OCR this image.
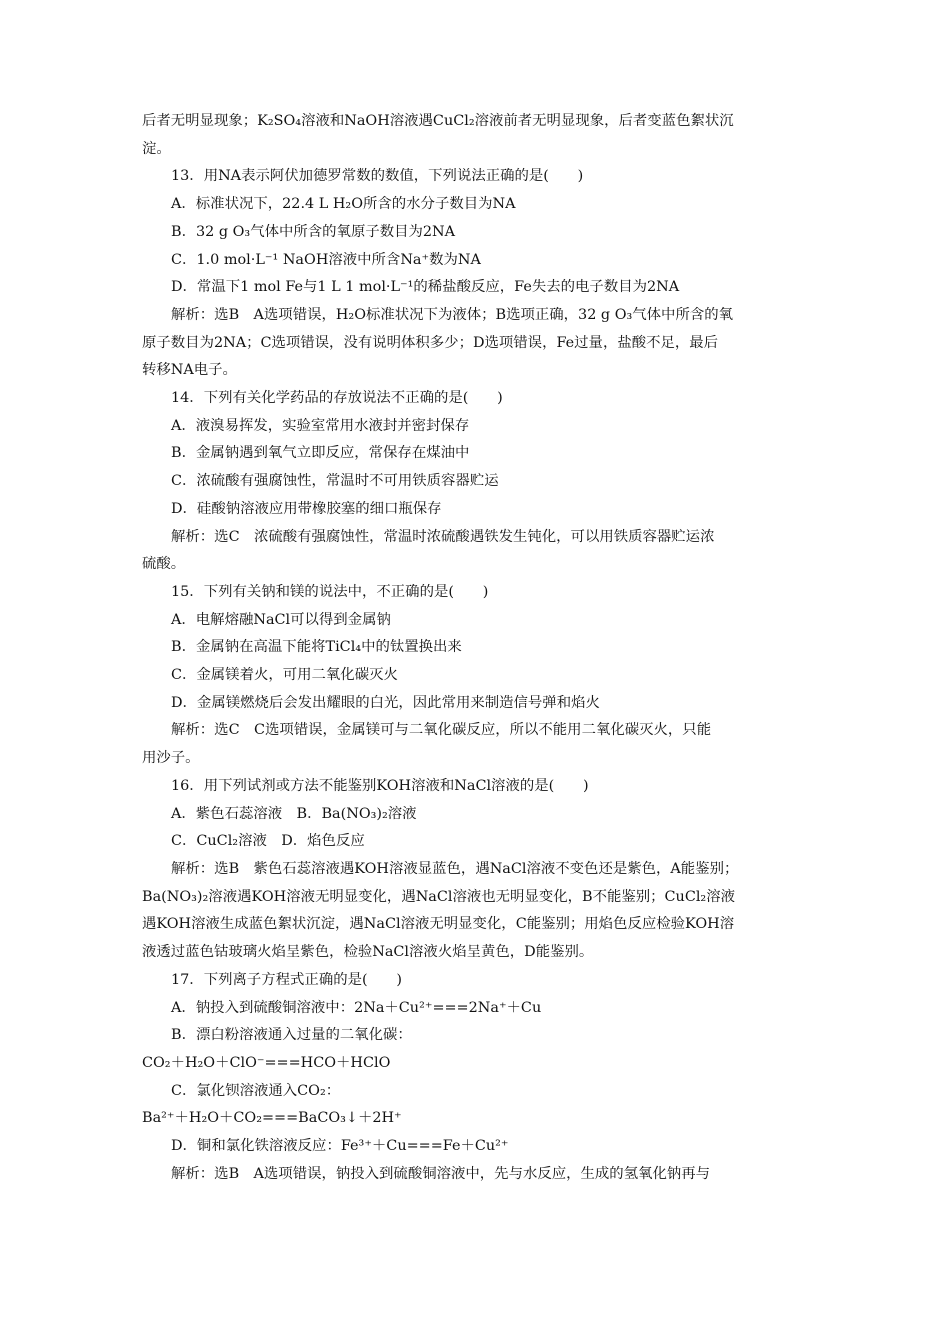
后者无明显现象；K₂SO₄溶液和NaOH溶液遇CuCl₂溶液前者无明显现象，后者变蓝色絮状沉
淀。
13．用NA表示阿伏加德罗常数的数值，下列说法正确的是(　　)
A．标准状况下，22.4 L H₂O所含的水分子数目为NA
B．32 g O₃气体中所含的氧原子数目为2NA
C．1.0 mol·L⁻¹ NaOH溶液中所含Na⁺数为NA
D．常温下1 mol Fe与1 L 1 mol·L⁻¹的稀盐酸反应，Fe失去的电子数目为2NA
解析：选B　A选项错误，H₂O标准状况下为液体；B选项正确，32 g O₃气体中所含的氧
原子数目为2NA；C选项错误，没有说明体积多少；D选项错误，Fe过量，盐酸不足，最后
转移NA电子。
14．下列有关化学药品的存放说法不正确的是(　　)
A．液溴易挥发，实验室常用水液封并密封保存
B．金属钠遇到氧气立即反应，常保存在煤油中
C．浓硫酸有强腐蚀性，常温时不可用铁质容器贮运
D．硅酸钠溶液应用带橡胶塞的细口瓶保存
解析：选C　浓硫酸有强腐蚀性，常温时浓硫酸遇铁发生钝化，可以用铁质容器贮运浓
硫酸。
15．下列有关钠和镁的说法中，不正确的是(　　)
A．电解熔融NaCl可以得到金属钠
B．金属钠在高温下能将TiCl₄中的钛置换出来
C．金属镁着火，可用二氧化碳灭火
D．金属镁燃烧后会发出耀眼的白光，因此常用来制造信号弹和焰火
解析：选C　C选项错误，金属镁可与二氧化碳反应，所以不能用二氧化碳灭火，只能
用沙子。
16．用下列试剂或方法不能鉴别KOH溶液和NaCl溶液的是(　　)
A．紫色石蕊溶液　B．Ba(NO₃)₂溶液
C．CuCl₂溶液　D．焰色反应
解析：选B　紫色石蕊溶液遇KOH溶液显蓝色，遇NaCl溶液不变色还是紫色，A能鉴别；
Ba(NO₃)₂溶液遇KOH溶液无明显变化，遇NaCl溶液也无明显变化，B不能鉴别；CuCl₂溶液
遇KOH溶液生成蓝色絮状沉淀，遇NaCl溶液无明显变化，C能鉴别；用焰色反应检验KOH溶
液透过蓝色钴玻璃火焰呈紫色，检验NaCl溶液火焰呈黄色，D能鉴别。
17．下列离子方程式正确的是(　　)
A．钠投入到硫酸铜溶液中：2Na＋Cu²⁺===2Na⁺＋Cu
B．漂白粉溶液通入过量的二氧化碳：
CO₂＋H₂O＋ClO⁻===HCO＋HClO
C．氯化钡溶液通入CO₂：
Ba²⁺＋H₂O＋CO₂===BaCO₃↓＋2H⁺
D．铜和氯化铁溶液反应：Fe³⁺＋Cu===Fe＋Cu²⁺
解析：选B　A选项错误，钠投入到硫酸铜溶液中，先与水反应，生成的氢氧化钠再与
